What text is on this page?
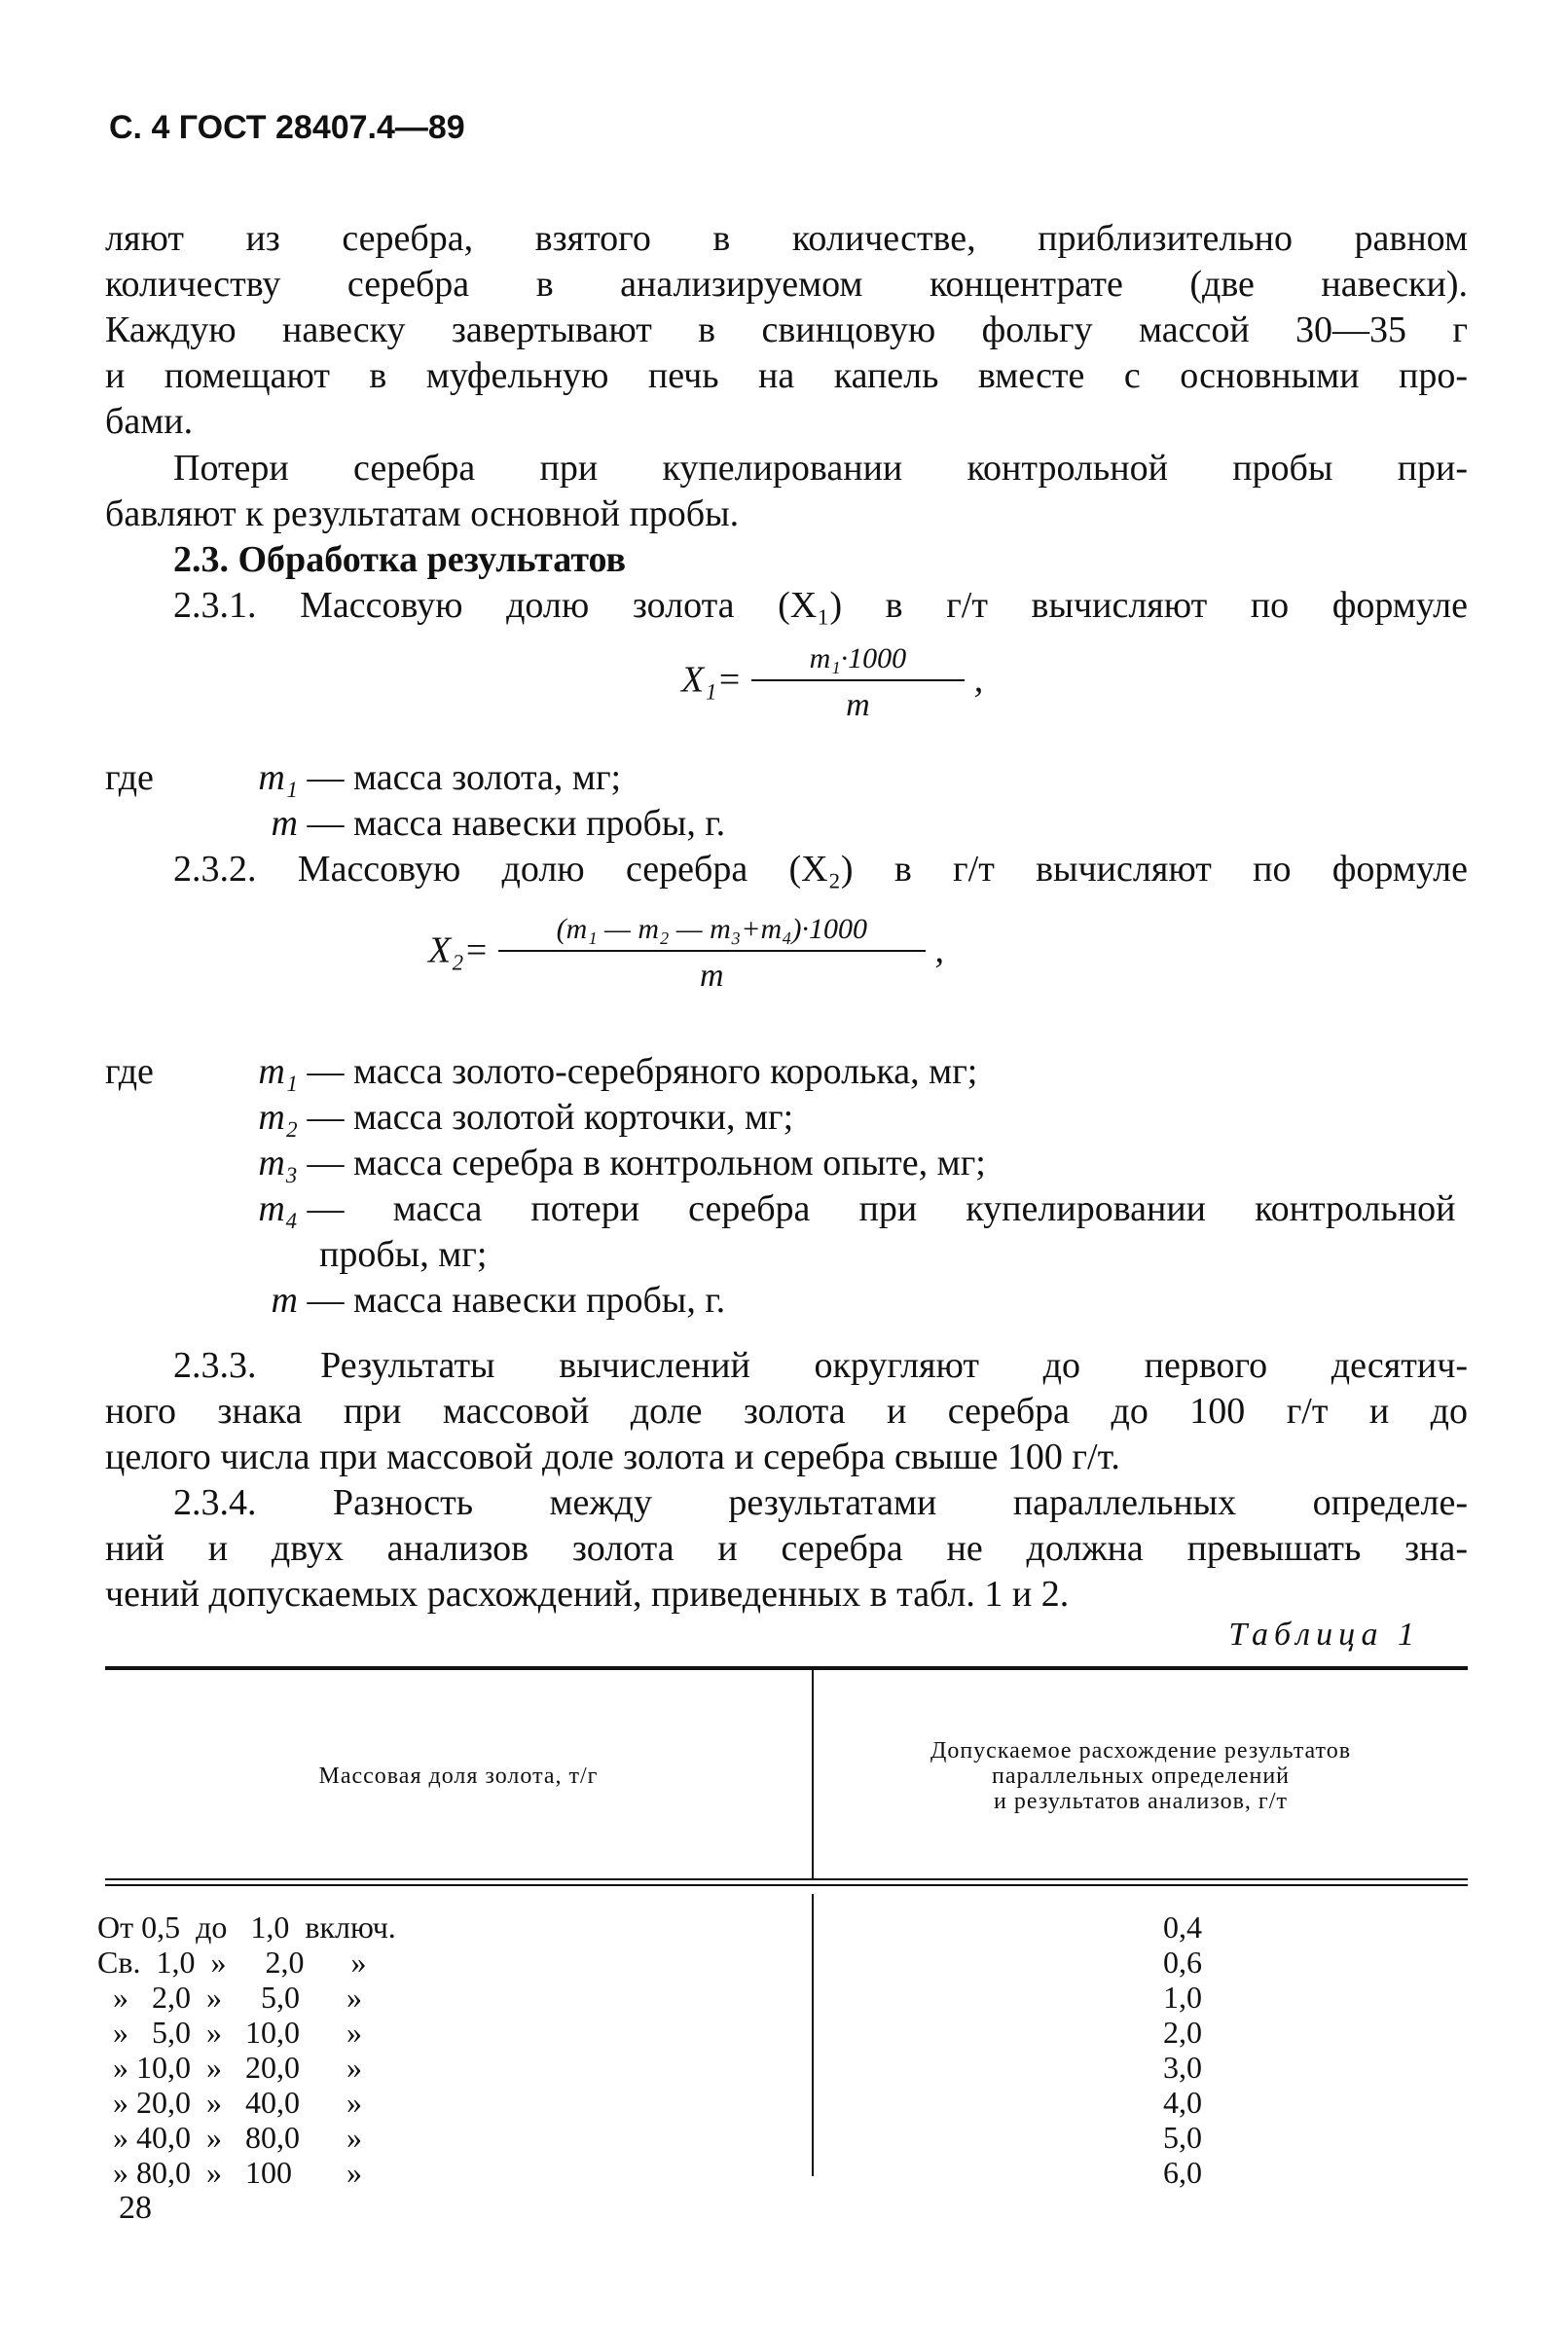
С. 4 ГОСТ 28407.4—89
ляют из серебра, взятого в количестве, приблизительно равном
количеству серебра в анализируемом концентрате (две навески).
Каждую навеску завертывают в свинцовую фольгу массой 30—35 г
и помещают в муфельную печь на капель вместе с основными про-
бами.
Потери серебра при купелировании контрольной пробы при-
бавляют к результатам основной пробы.
2.3. Обработка результатов
2.3.1. Массовую долю золота (X₁) в г/т вычисляют по формуле
$X_1= \frac{\text{m₁·1000}}{m}$ ,
где	m₁ — масса золота, мг;
m — масса навески пробы, г.
2.3.2. Массовую долю серебра (X₂) в г/т вычисляют по формуле
$X_2= \frac{\text{(m₁ — m₂ — m₃+m₄)·1000}}{m}$ ,
где	m₁ — масса золото-серебряного королька, мг;
m₂ — масса золотой корточки, мг;
m₃ — масса серебра в контрольном опыте, мг;
m₄ — масса потери серебра при купелировании контрольной
пробы, мг;
m — масса навески пробы, г.
2.3.3. Результаты вычислений округляют до первого десятич-
ного знака при массовой доле золота и серебра до 100 г/т и до
целого числа при массовой доле золота и серебра свыше 100 г/т.
2.3.4. Разность между результатами параллельных определе-
ний и двух анализов золота и серебра не должна превышать зна-
чений допускаемых расхождений, приведенных в табл. 1 и 2.
Таблица 1
Массовая доля золота, т/г
Допускаемое расхождение результатов
параллельных определений
и результатов анализов, г/т
От 0,5  до   1,0  включ.	0,4
Св.  1,0  »     2,0      »	0,6
»   2,0  »     5,0      »	1,0
»   5,0  »   10,0      »	2,0
» 10,0  »   20,0      »	3,0
» 20,0  »   40,0      »	4,0
» 40,0  »   80,0      »	5,0
» 80,0  »   100       »	6,0
28
